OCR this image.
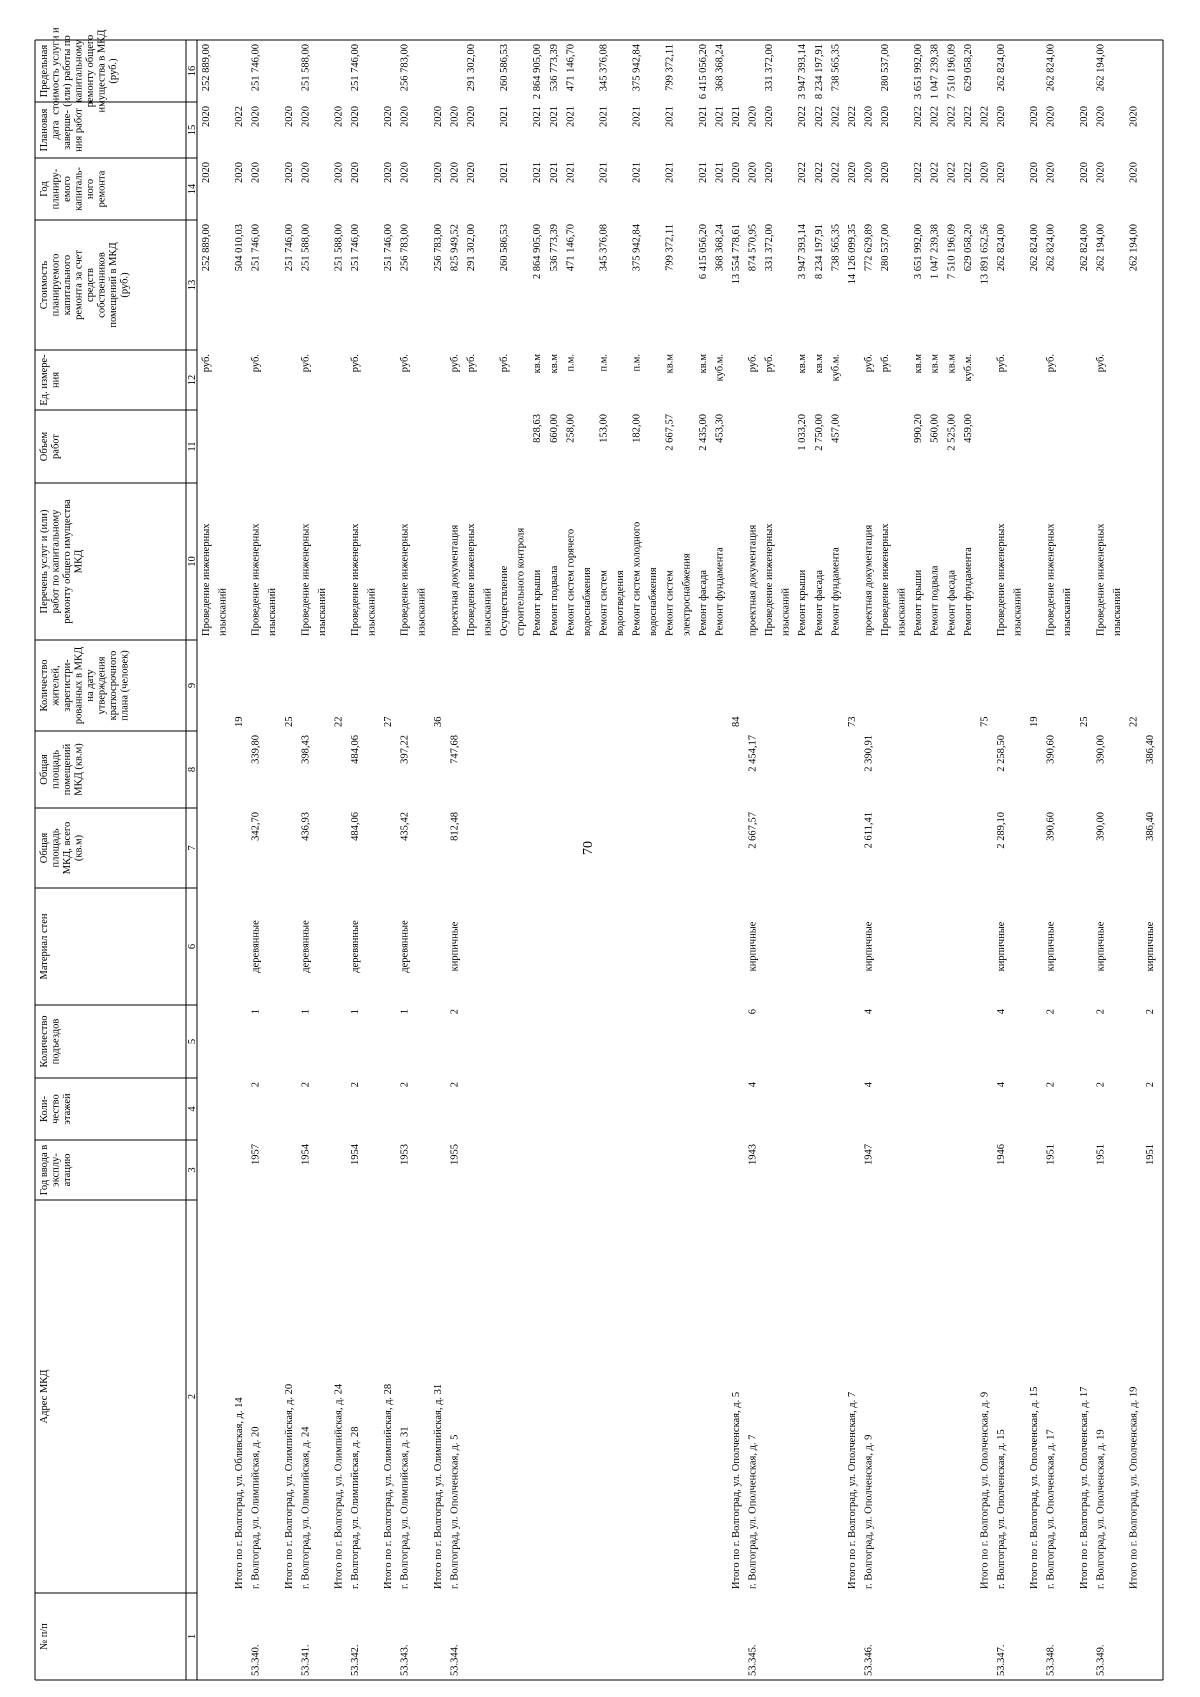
70
№ п/п
Адрес МКД
Год ввода в эксплу- атацию
Коли- чество этажей
Количество подъездов
Материал стен
Общая площадь МКД, всего (кв.м)
Общая площадь помещений МКД (кв.м)
Количество жителей, зарегистри- рованных в МКД на дату утверждения краткосрочного плана (человек)
Перечень услуг и (или) работ по капитальному ремонту общего имущества МКД
Объем работ
Ед. измере- ния
Стоимость планируемого капитального ремонта за счет средств собственников помещений в МКД (руб.)
Год планиру- емого капиталь- ного ремонта
Плановая дата заверше- ния работ
Предельная стоимость услуги и (или) работы по капитальному ремонту общего имущества в МКД (руб.)
1
2
3
4
5
6
7
8
9
10
11
12
13
14
15
16
Проведение инженерных
руб.
252 889,00
2020
2020
252 889,00
изысканий
Итого по г. Волгоград, ул. Обливская, д. 14
19
504 010,03
2020
2022
53.340.
г. Волгоград, ул. Олимпийская, д. 20
1957
2
1
деревянные
342,70
339,80
Проведение инженерных
руб.
251 746,00
2020
2020
251 746,00
изысканий
Итого по г. Волгоград, ул. Олимпийская, д. 20
25
251 746,00
2020
2020
53.341.
г. Волгоград, ул. Олимпийская, д. 24
1954
2
1
деревянные
436,93
398,43
Проведение инженерных
руб.
251 588,00
2020
2020
251 588,00
изысканий
Итого по г. Волгоград, ул. Олимпийская, д. 24
22
251 588,00
2020
2020
53.342.
г. Волгоград, ул. Олимпийская, д. 28
1954
2
1
деревянные
484,06
484,06
Проведение инженерных
руб.
251 746,00
2020
2020
251 746,00
изысканий
Итого по г. Волгоград, ул. Олимпийская, д. 28
27
251 746,00
2020
2020
53.343.
г. Волгоград, ул. Олимпийская, д. 31
1953
2
1
деревянные
435,42
397,22
Проведение инженерных
руб.
256 783,00
2020
2020
256 783,00
изысканий
Итого по г. Волгоград, ул. Олимпийская, д. 31
36
256 783,00
2020
2020
53.344.
г. Волгоград, ул. Ополченская, д. 5
1955
2
2
кирпичные
812,48
747,68
проектная документация
руб.
825 949,52
2020
2020
Проведение инженерных
руб.
291 302,00
2020
2020
291 302,00
изысканий Осуществление
руб.
260 586,53
2021
2021
260 586,53
строительного контроля Ремонт крыши
828,63
кв.м
2 864 905,00
2021
2021
2 864 905,00
Ремонт подвала
660,00
кв.м
536 773,39
2021
2021
536 773,39
Ремонт систем горячего
258,00
п.м.
471 146,70
2021
2021
471 146,70
водоснабжения Ремонт систем
153,00
п.м.
345 376,08
2021
2021
345 376,08
водоотведения Ремонт систем холодного
182,00
п.м.
375 942,84
2021
2021
375 942,84
водоснабжения Ремонт систем
2 667,57
кв.м
799 372,11
2021
2021
799 372,11
электроснабжения Ремонт фасада
2 435,00
кв.м
6 415 056,20
2021
2021
6 415 056,20
Ремонт фундамента
453,30
куб.м.
368 368,24
2021
2021
368 368,24
Итого по г. Волгоград, ул. Ополченская, д. 5
84
13 554 778,61
2020
2021
53.345.
г. Волгоград, ул. Ополченская, д. 7
1943
4
6
кирпичные
2 667,57
2 454,17
проектная документация
руб.
874 570,95
2020
2020
Проведение инженерных
руб.
331 372,00
2020
2020
331 372,00
изысканий Ремонт крыши
1 033,20
кв.м
3 947 393,14
2022
2022
3 947 393,14
Ремонт фасада
2 750,00
кв.м
8 234 197,91
2022
2022
8 234 197,91
Ремонт фундамента
457,00
куб.м.
738 565,35
2022
2022
738 565,35
Итого по г. Волгоград, ул. Ополченская, д. 7
73
14 126 099,35
2020
2022
53.346.
г. Волгоград, ул. Ополченская, д. 9
1947
4
4
кирпичные
2 611,41
2 390,91
проектная документация
руб.
772 629,89
2020
2020
Проведение инженерных
руб.
280 537,00
2020
2020
280 537,00
изысканий Ремонт крыши
990,20
кв.м
3 651 992,00
2022
2022
3 651 992,00
Ремонт подвала
560,00
кв.м
1 047 239,38
2022
2022
1 047 239,38
Ремонт фасада
2 525,00
кв.м
7 510 196,09
2022
2022
7 510 196,09
Ремонт фундамента
459,00
куб.м.
629 058,20
2022
2022
629 058,20
Итого по г. Волгоград, ул. Ополченская, д. 9
75
13 891 652,56
2020
2022
53.347.
г. Волгоград, ул. Ополченская, д. 15
1946
4
4
кирпичные
2 289,10
2 258,50
Проведение инженерных
руб.
262 824,00
2020
2020
262 824,00
изысканий
Итого по г. Волгоград, ул. Ополченская, д. 15
19
262 824,00
2020
2020
53.348.
г. Волгоград, ул. Ополченская, д. 17
1951
2
2
кирпичные
390,60
390,60
Проведение инженерных
руб.
262 824,00
2020
2020
262 824,00
изысканий
Итого по г. Волгоград, ул. Ополченская, д. 17
25
262 824,00
2020
2020
53.349.
г. Волгоград, ул. Ополченская, д. 19
1951
2
2
кирпичные
390,00
390,00
Проведение инженерных
руб.
262 194,00
2020
2020
262 194,00
изысканий
Итого по г. Волгоград, ул. Ополченская, д. 19
22
262 194,00
2020
2020
1951
2
2
кирпичные
386,40
386,40
